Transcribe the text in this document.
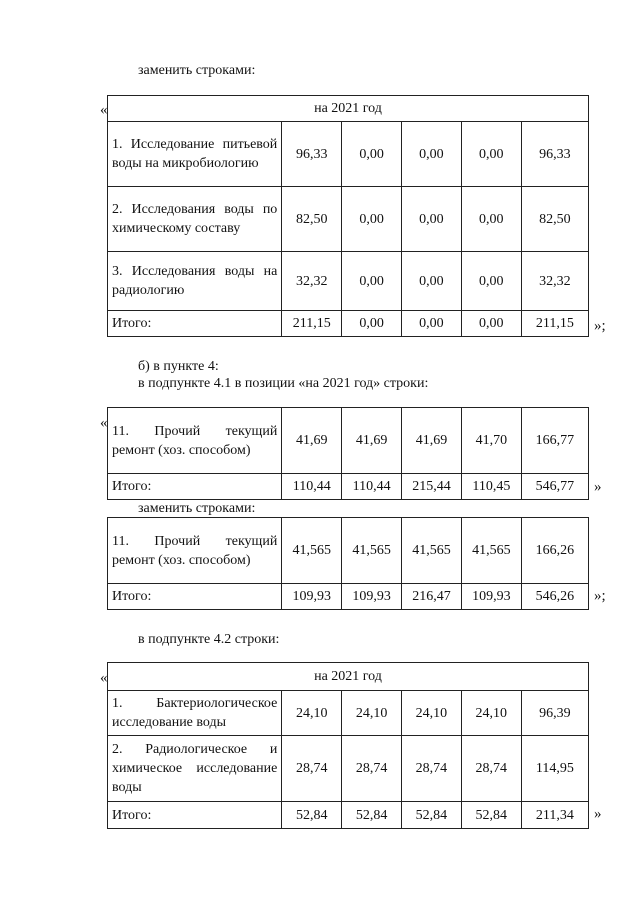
заменить строками:
«	на 2021 год					
1. Исследование питьевой воды на микробиологию	96,33	0,00	0,00	0,00	96,33
2. Исследования воды по химическому составу	82,50	0,00	0,00	0,00	82,50
3. Исследования воды на радиологию	32,32	0,00	0,00	0,00	32,32
Итого:	211,15	0,00	0,00	0,00	211,15 »;
б) в пункте 4:
в подпункте 4.1 в позиции «на 2021 год» строки:
« 11. Прочий текущий ремонт (хоз. способом)	41,69	41,69	41,69	41,70	166,77
Итого:	110,44	110,44	215,44	110,45	546,77 »
заменить строками:
11. Прочий текущий ремонт (хоз. способом)	41,565	41,565	41,565	41,565	166,26
Итого:	109,93	109,93	216,47	109,93	546,26 »;
в подпункте 4.2 строки:
«	на 2021 год					
1. Бактериологическое исследование воды	24,10	24,10	24,10	24,10	96,39
2. Радиологическое и химическое исследование воды	28,74	28,74	28,74	28,74	114,95
Итого:	52,84	52,84	52,84	52,84	211,34 »
